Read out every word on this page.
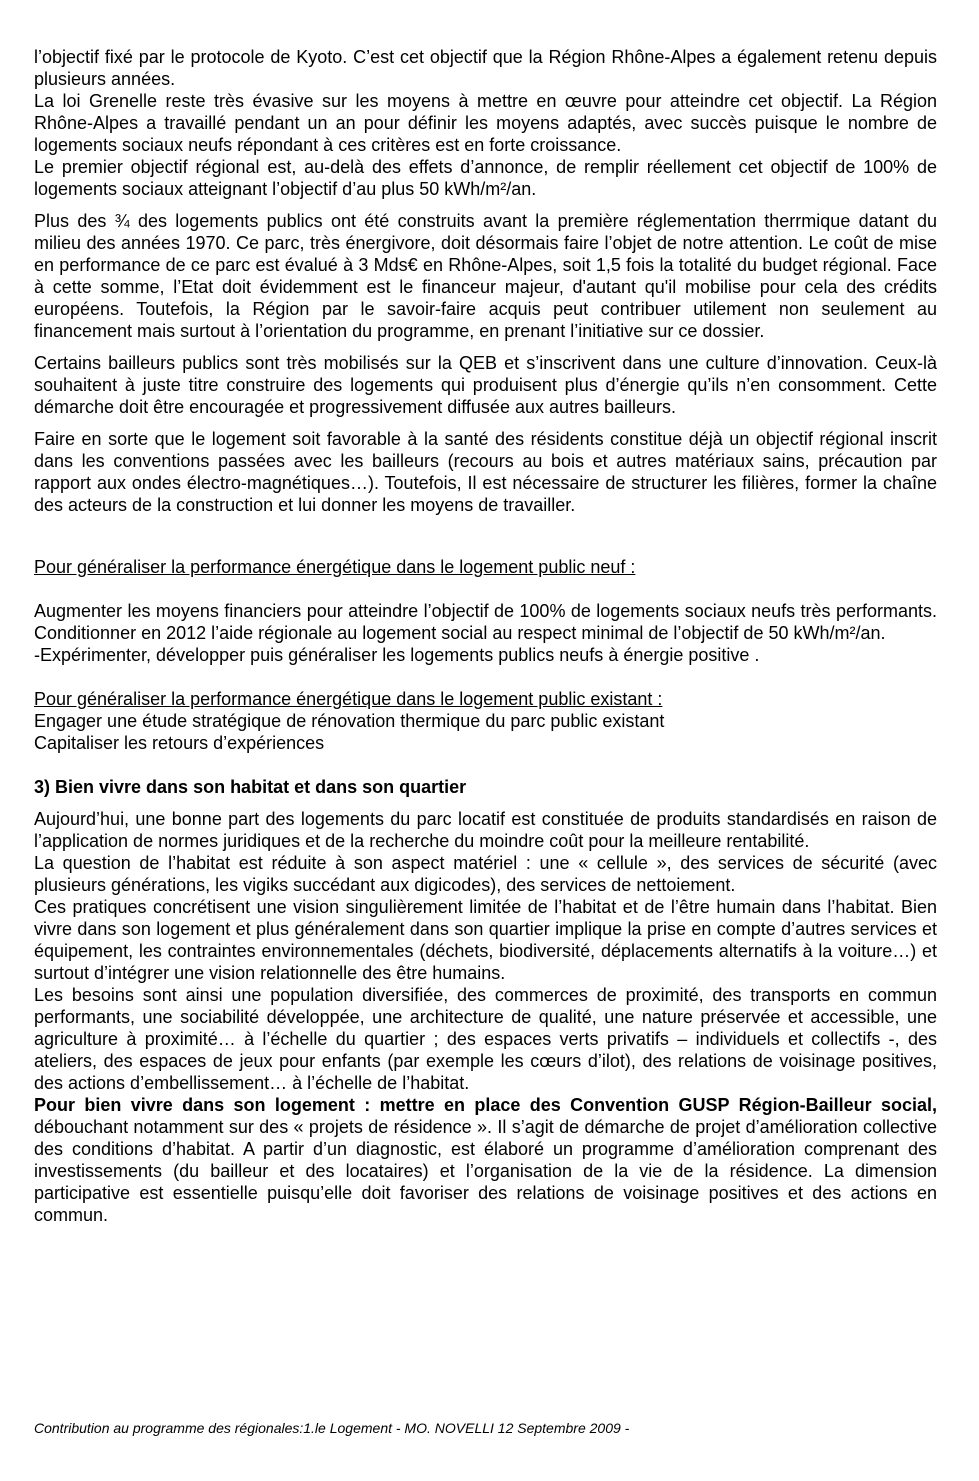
l’objectif fixé par le protocole de Kyoto. C’est cet objectif que la Région Rhône-Alpes a également retenu depuis plusieurs années.

La loi Grenelle reste très évasive sur les moyens à mettre en œuvre pour atteindre cet objectif. La Région Rhône-Alpes a travaillé pendant un an pour définir les moyens adaptés, avec succès puisque le nombre de logements sociaux neufs répondant à ces critères est en forte croissance.

Le premier objectif régional est, au-delà des effets d’annonce, de remplir réellement cet objectif de 100% de logements sociaux atteignant l’objectif d’au plus 50 kWh/m²/an.

Plus des ¾ des logements publics ont été construits avant la première réglementation therrmique datant du milieu des années 1970. Ce parc, très énergivore, doit désormais faire l’objet de notre attention. Le coût de mise en performance de ce parc est évalué à 3 Mds€ en Rhône-Alpes, soit 1,5 fois la totalité du budget régional. Face à cette somme, l’Etat doit évidemment est le financeur majeur, d'autant qu'il mobilise pour cela des crédits européens. Toutefois, la Région par le savoir-faire acquis peut contribuer utilement non seulement au financement mais surtout à l’orientation du programme, en prenant l’initiative sur ce dossier.

Certains bailleurs publics sont très mobilisés sur la QEB et s’inscrivent dans une culture d’innovation. Ceux-là souhaitent à juste titre construire des logements qui produisent plus d’énergie qu’ils n’en consomment. Cette démarche doit être encouragée et progressivement diffusée aux autres bailleurs.

Faire en sorte que le logement soit favorable à la santé des résidents constitue déjà un objectif régional inscrit dans les conventions passées avec les bailleurs (recours au bois et autres matériaux sains, précaution par rapport aux ondes électro-magnétiques…). Toutefois, Il est nécessaire de structurer les filières, former la chaîne des acteurs de la construction et lui donner les moyens de travailler.

Pour généraliser la performance énergétique dans le logement public neuf :

Augmenter les moyens financiers pour atteindre l’objectif de 100% de logements sociaux neufs très performants. Conditionner en 2012 l’aide régionale au logement social au respect minimal de l’objectif de 50 kWh/m²/an.

-Expérimenter, développer puis généraliser les logements publics neufs à énergie positive .

Pour généraliser la performance énergétique dans le logement public existant :

Engager une étude stratégique de rénovation thermique du parc public existant

Capitaliser les retours d’expériences

3) Bien vivre dans son habitat et dans son quartier

Aujourd’hui, une bonne part des logements du parc locatif est constituée de produits standardisés en raison de l’application de normes juridiques et de la recherche du moindre coût pour la meilleure rentabilité.

La question de l’habitat est réduite à son aspect matériel : une « cellule », des services de sécurité (avec plusieurs générations, les vigiks succédant aux digicodes), des services de nettoiement.

Ces pratiques concrétisent une vision singulièrement limitée de l’habitat et de l’être humain dans l’habitat. Bien vivre dans son logement et plus généralement dans son quartier implique la prise en compte d’autres services et équipement, les contraintes environnementales (déchets, biodiversité, déplacements alternatifs à la voiture…) et surtout d’intégrer une vision relationnelle des être humains.

Les besoins sont ainsi une population diversifiée, des commerces de proximité, des transports en commun performants, une sociabilité développée, une architecture de qualité, une nature préservée et accessible, une agriculture à proximité… à l’échelle du quartier ; des espaces verts privatifs – individuels et collectifs -, des ateliers, des espaces de jeux pour enfants (par exemple les cœurs d’ilot), des relations de voisinage positives, des actions d’embellissement… à l’échelle de l’habitat.

Pour bien vivre dans son logement : mettre en place des Convention GUSP Région-Bailleur social, débouchant notamment sur des « projets de résidence ». Il s’agit de démarche de projet d’amélioration collective des conditions d’habitat. A partir d’un diagnostic, est élaboré un programme d’amélioration comprenant des investissements (du bailleur et des locataires) et l’organisation de la vie de la résidence. La dimension participative est essentielle puisqu’elle doit favoriser des relations de voisinage positives et des actions en commun.

Contribution au programme des régionales:1.le Logement - MO. NOVELLI 12 Septembre 2009 -
